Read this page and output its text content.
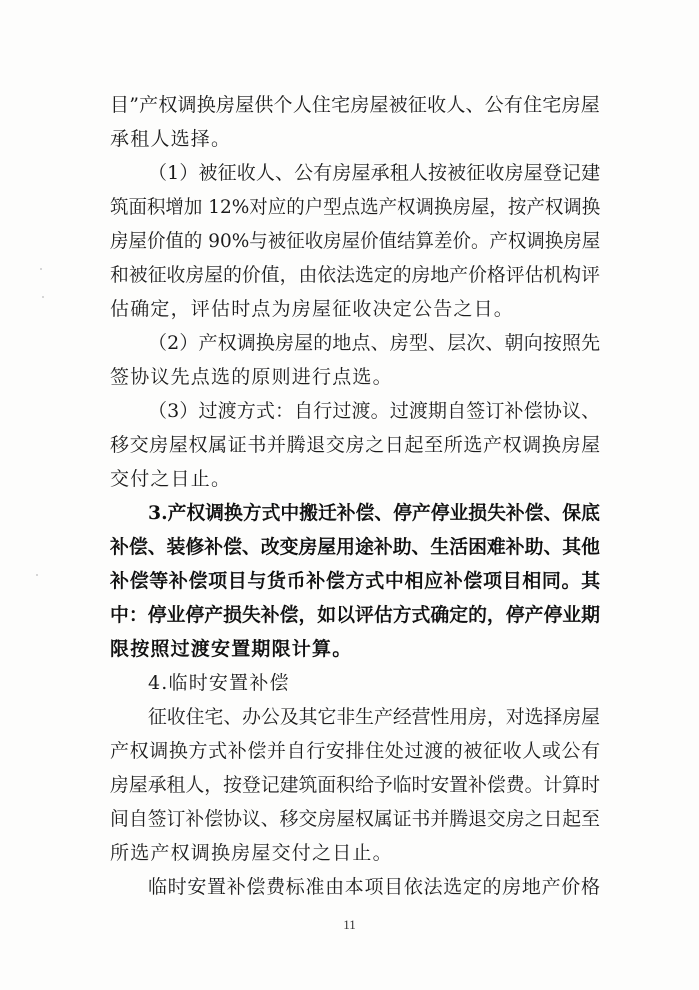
目”产权调换房屋供个人住宅房屋被征收人、公有住宅房屋
承租人选择。
（1）被征收人、公有房屋承租人按被征收房屋登记建
筑面积增加 12%对应的户型点选产权调换房屋，按产权调换
房屋价值的 90%与被征收房屋价值结算差价。产权调换房屋
和被征收房屋的价值，由依法选定的房地产价格评估机构评
估确定，评估时点为房屋征收决定公告之日。
（2）产权调换房屋的地点、房型、层次、朝向按照先
签协议先点选的原则进行点选。
（3）过渡方式：自行过渡。过渡期自签订补偿协议、
移交房屋权属证书并腾退交房之日起至所选产权调换房屋
交付之日止。
3.产权调换方式中搬迁补偿、停产停业损失补偿、保底
补偿、装修补偿、改变房屋用途补助、生活困难补助、其他
补偿等补偿项目与货币补偿方式中相应补偿项目相同。其
中：停业停产损失补偿，如以评估方式确定的，停产停业期
限按照过渡安置期限计算。
4.临时安置补偿
征收住宅、办公及其它非生产经营性用房，对选择房屋
产权调换方式补偿并自行安排住处过渡的被征收人或公有
房屋承租人，按登记建筑面积给予临时安置补偿费。计算时
间自签订补偿协议、移交房屋权属证书并腾退交房之日起至
所选产权调换房屋交付之日止。
临时安置补偿费标准由本项目依法选定的房地产价格
11
